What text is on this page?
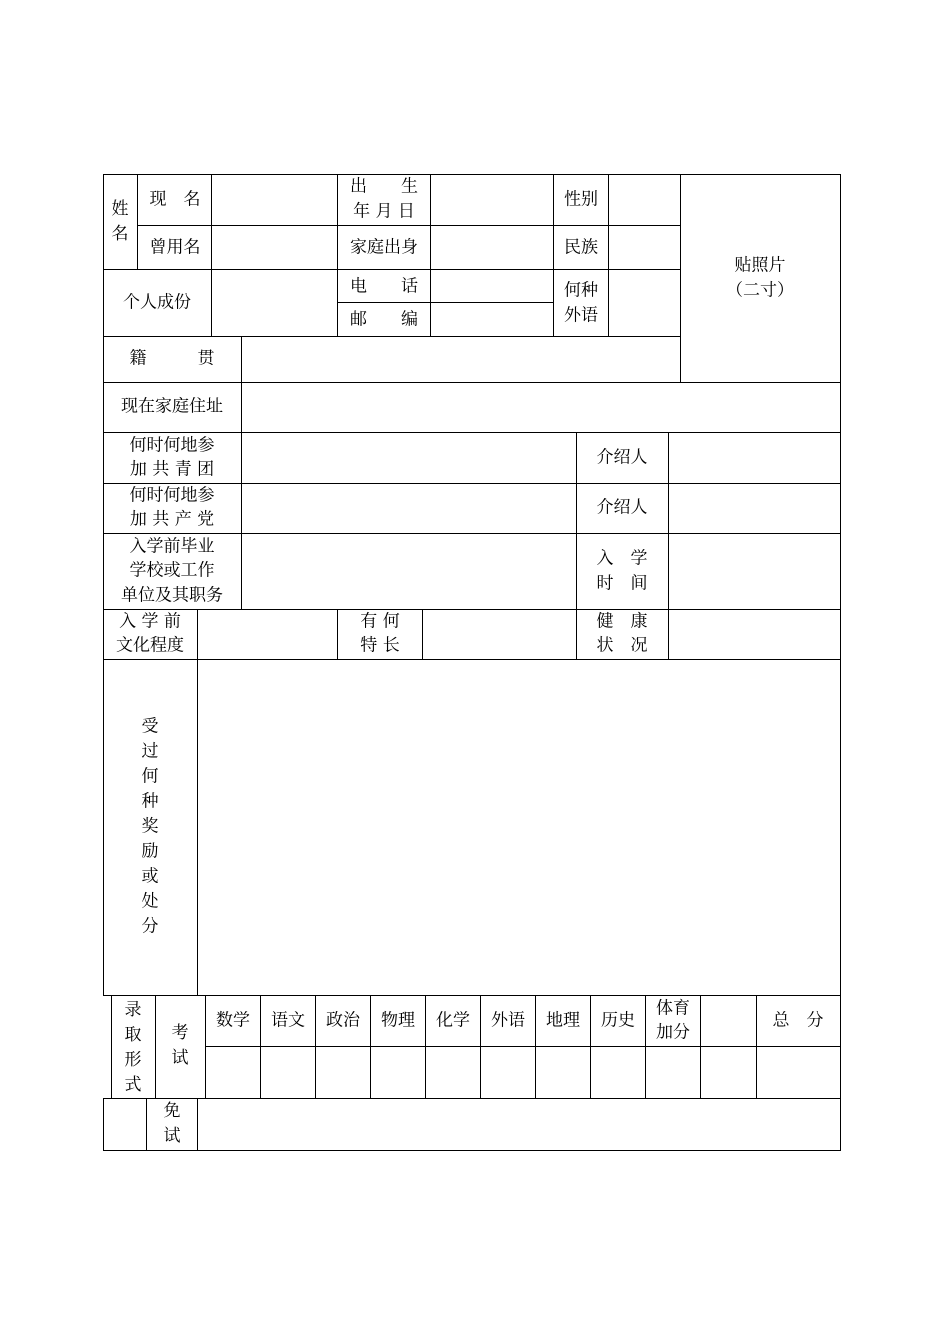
姓名
现　名
出　　生
年 月 日
性别
曾用名	家庭出身	民族
贴照片
（二寸）
个人成份
电　　话
邮　　编
何种
外语
籍　　　贯
现在家庭住址
何时何地参
加 共 青 团
介绍人
何时何地参
加 共 产 党
介绍人
入学前毕业
学校或工作
单位及其职务
入　学
时　间
入 学 前
文化程度
有 何
特 长
健　康
状　况
受过何种奖励或处分
录取形式
考试
免试
数学 语文 政治 物理 化学 外语 地理 历史
体育
加分
总　分
